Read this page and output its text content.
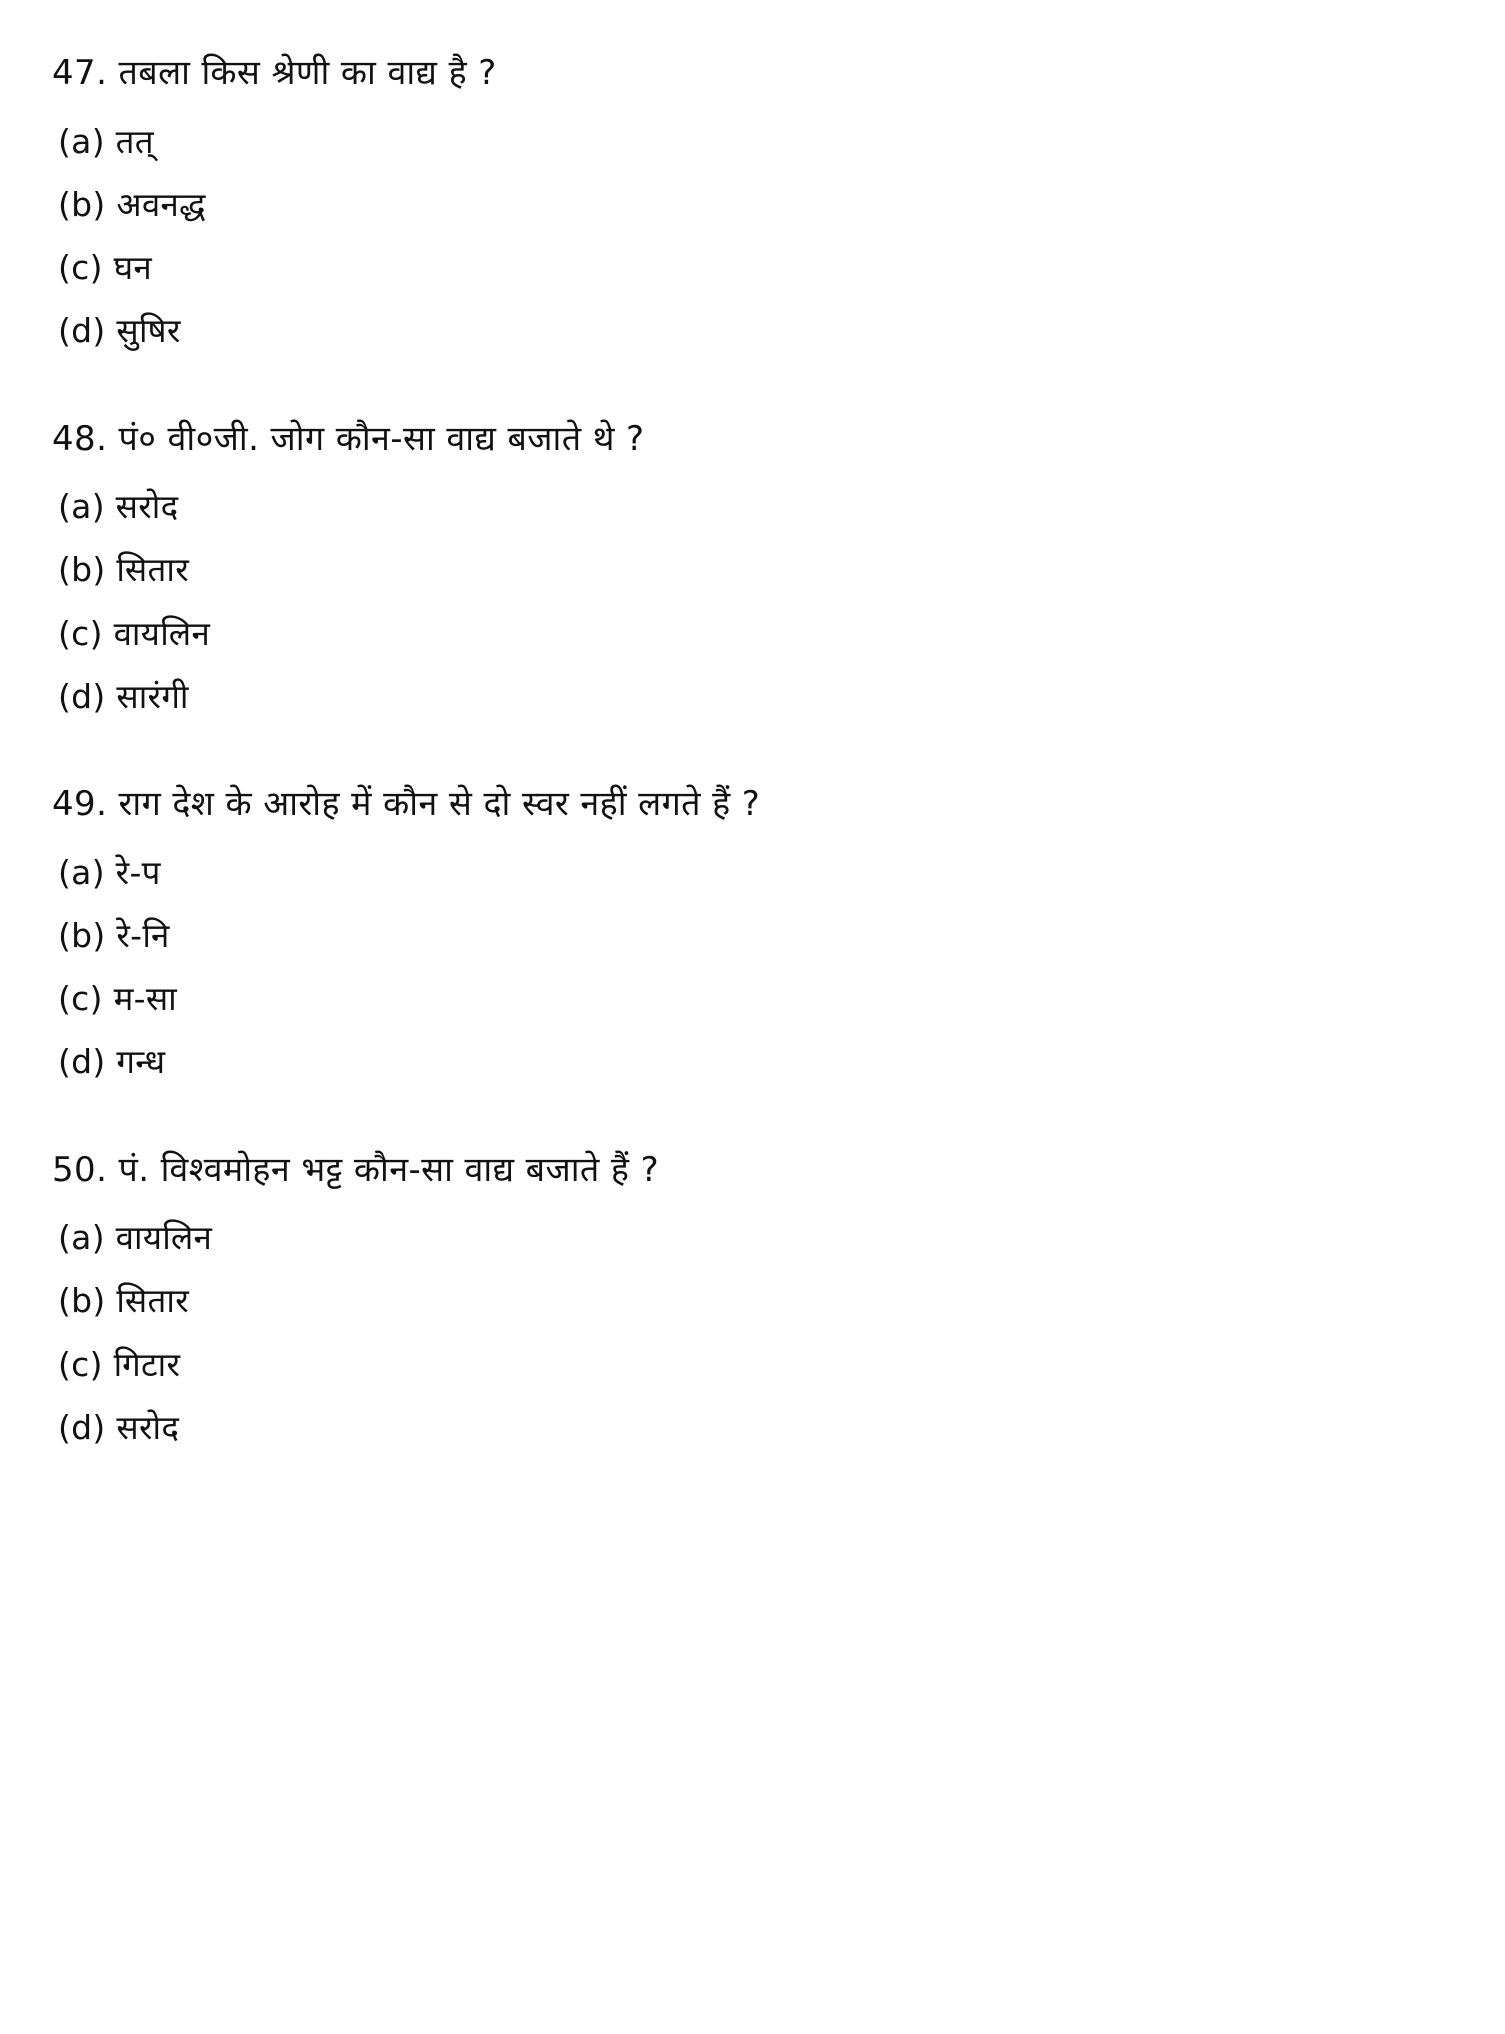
47. तबला किस श्रेणी का वाद्य है ?

(a) तत्
(b) अवनद्ध
(c) घन
(d) सुषिर

48. पं० वी०जी. जोग कौन-सा वाद्य बजाते थे ?

(a) सरोद
(b) सितार
(c) वायलिन
(d) सारंगी

49. राग देश के आरोह में कौन से दो स्वर नहीं लगते हैं ?

(a) रे-प
(b) रे-नि
(c) म-सा
(d) गन्ध

50. पं. विश्वमोहन भट्ट कौन-सा वाद्य बजाते हैं ?

(a) वायलिन
(b) सितार
(c) गिटार
(d) सरोद
